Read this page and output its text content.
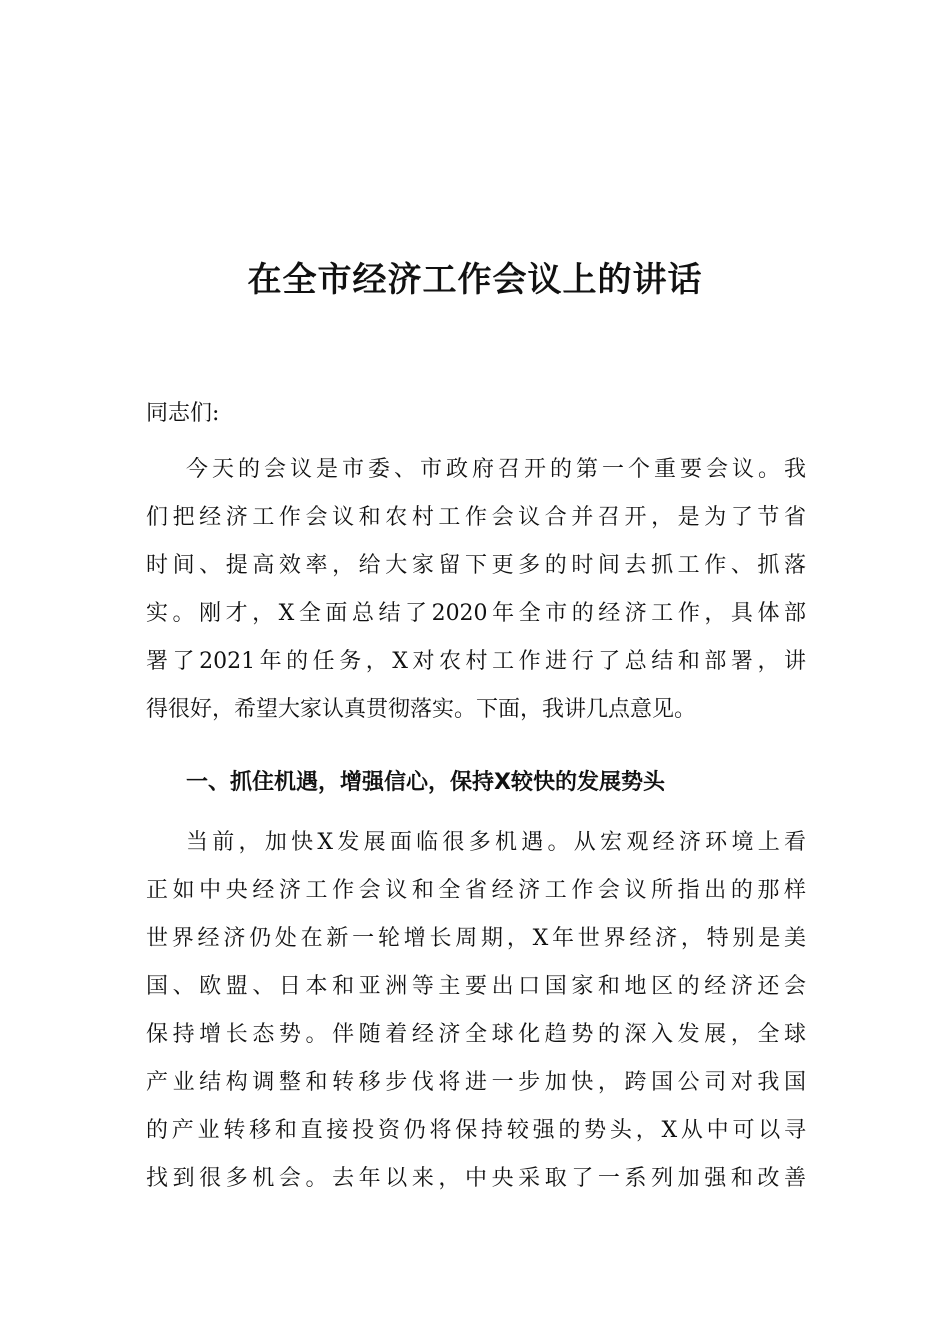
在全市经济工作会议上的讲话
同志们:
今天的会议是市委、市政府召开的第一个重要会议。我
们把经济工作会议和农村工作会议合并召开，是为了节省
时间、提高效率，给大家留下更多的时间去抓工作、抓落
实。刚才，X全面总结了2020年全市的经济工作，具体部
署了2021年的任务，X对农村工作进行了总结和部署，讲
得很好，希望大家认真贯彻落实。下面，我讲几点意见。
一、抓住机遇，增强信心，保持X较快的发展势头
当前，加快X发展面临很多机遇。从宏观经济环境上看
正如中央经济工作会议和全省经济工作会议所指出的那样
世界经济仍处在新一轮增长周期，X年世界经济，特别是美
国、欧盟、日本和亚洲等主要出口国家和地区的经济还会
保持增长态势。伴随着经济全球化趋势的深入发展，全球
产业结构调整和转移步伐将进一步加快，跨国公司对我国
的产业转移和直接投资仍将保持较强的势头，X从中可以寻
找到很多机会。去年以来，中央采取了一系列加强和改善
